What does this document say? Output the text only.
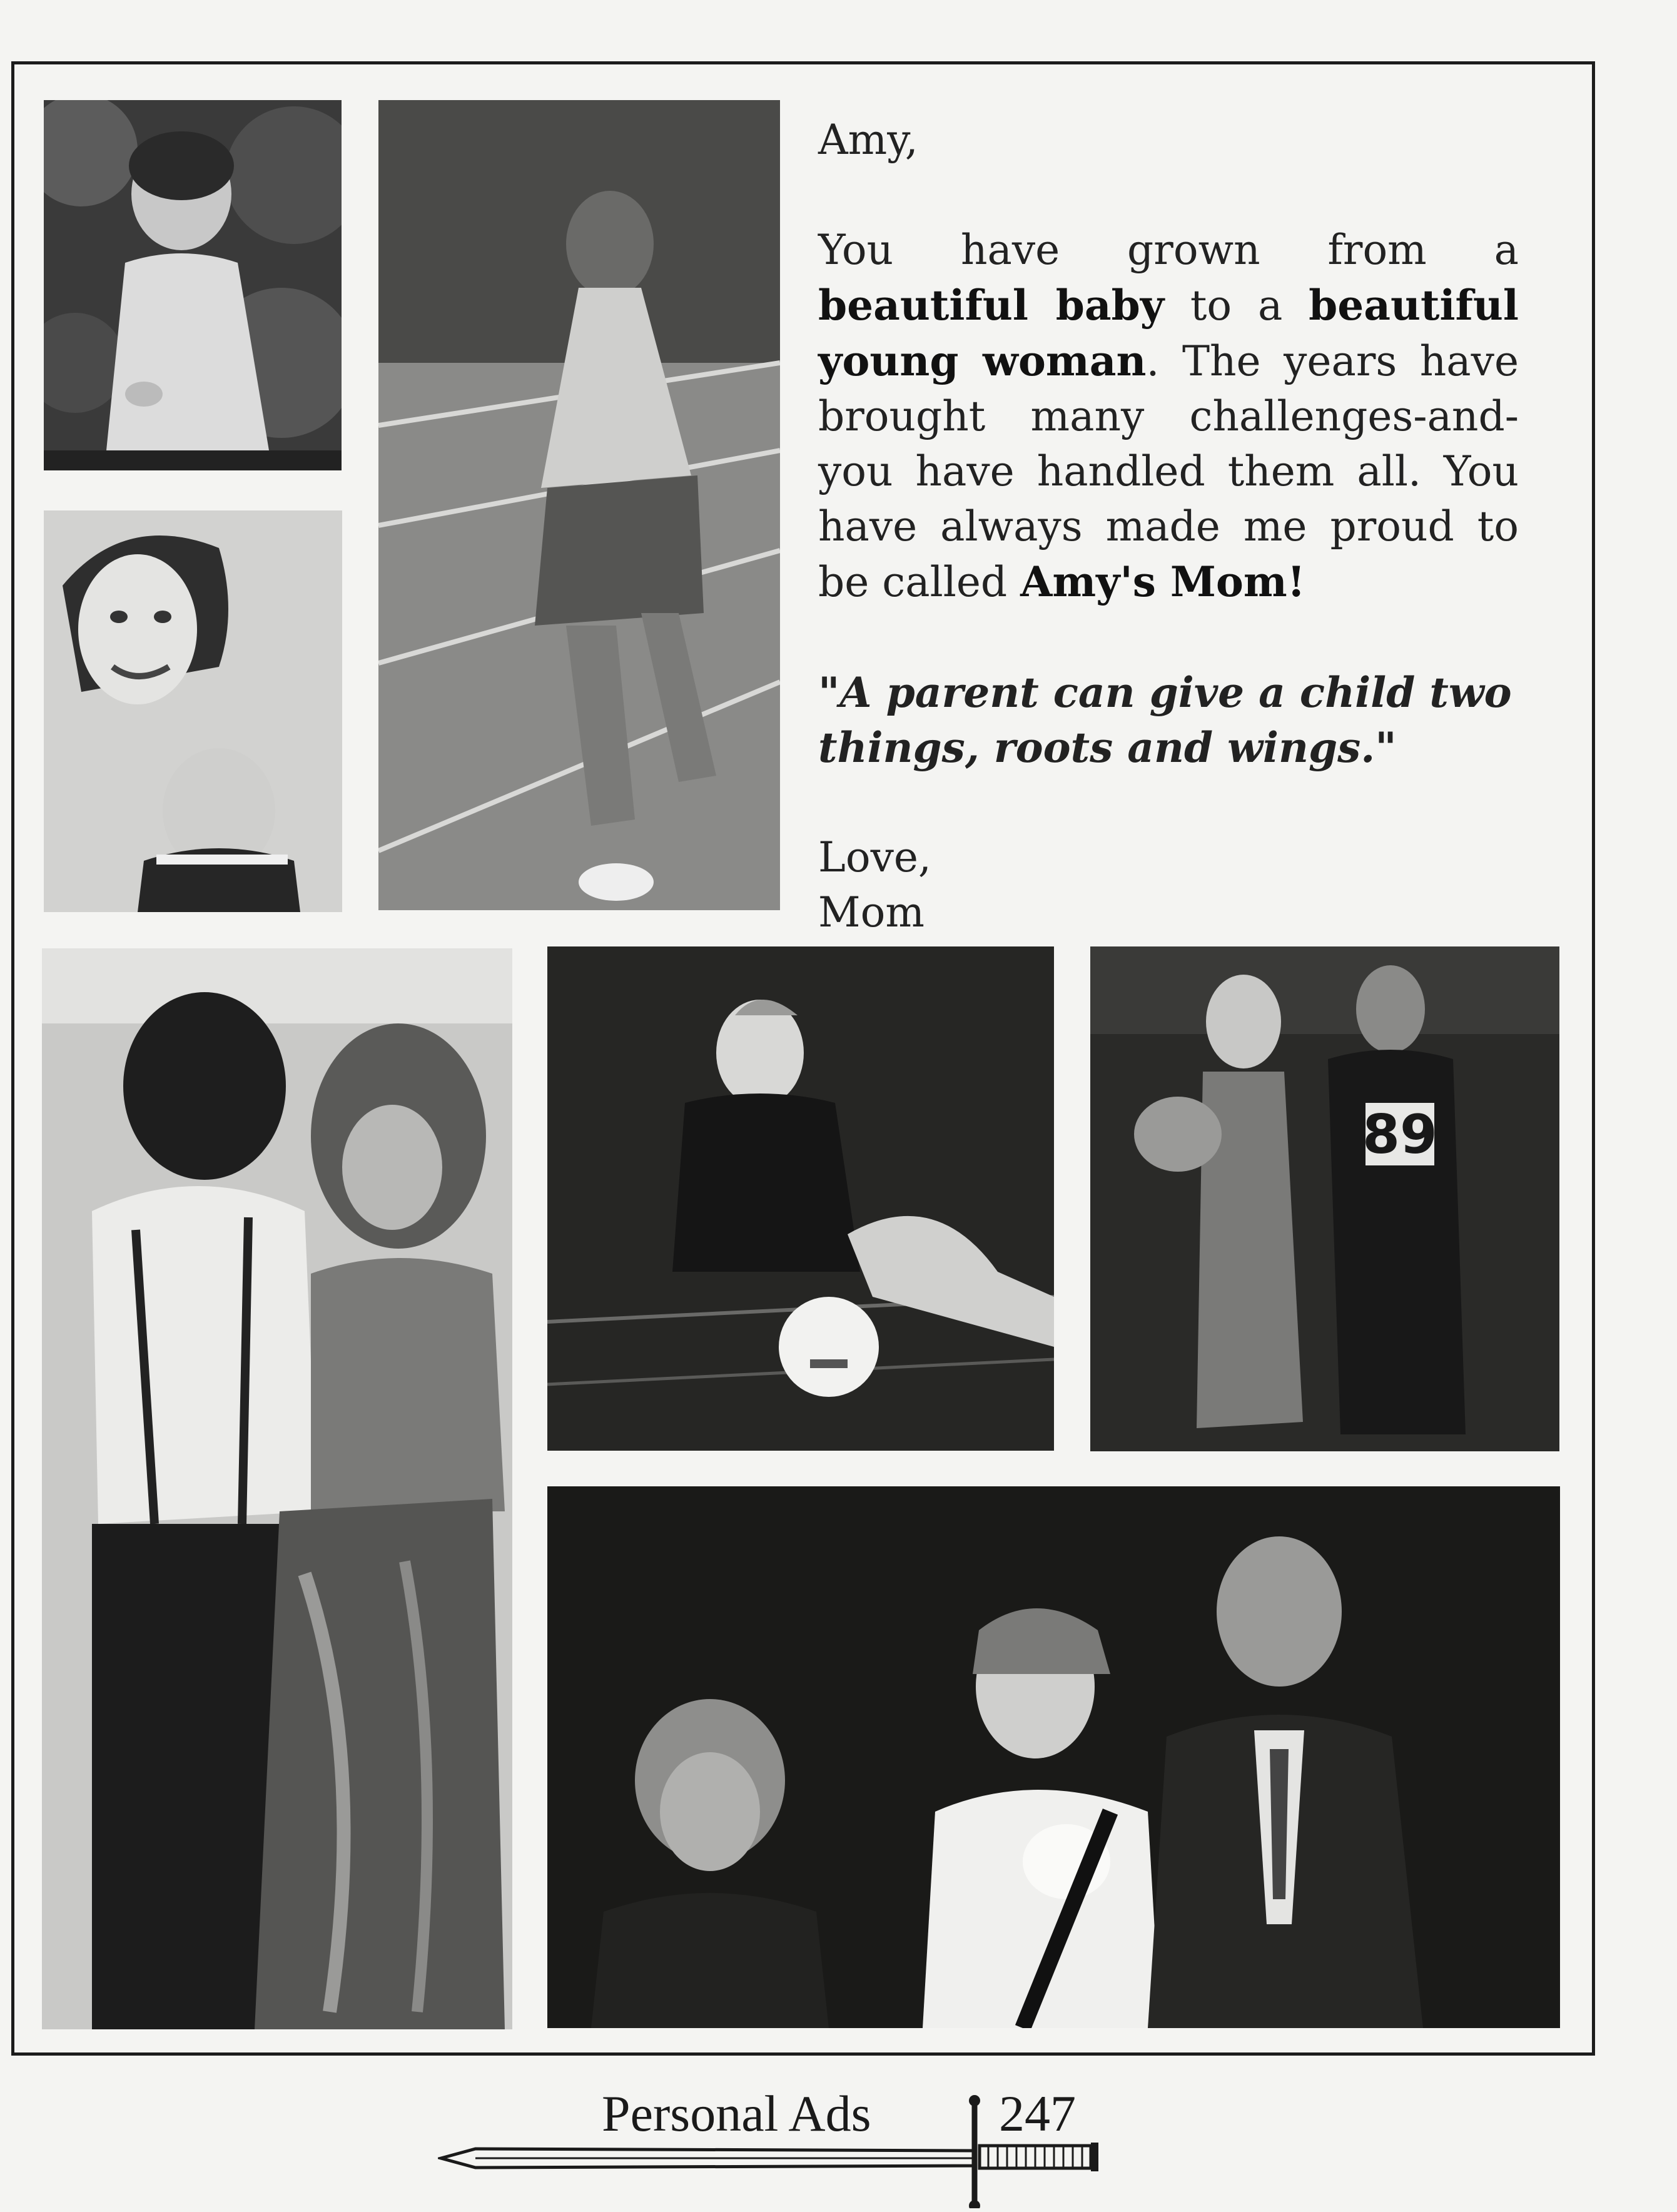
Amy,

You have grown from a

beautiful baby to a beautiful young woman. The years have brought many challenges-and-you have handled them all. You have always made me proud to be called Amy's Mom!

"A parent can give a child two things, roots and wings."

Love,

Mom

89
Personal Ads 247
